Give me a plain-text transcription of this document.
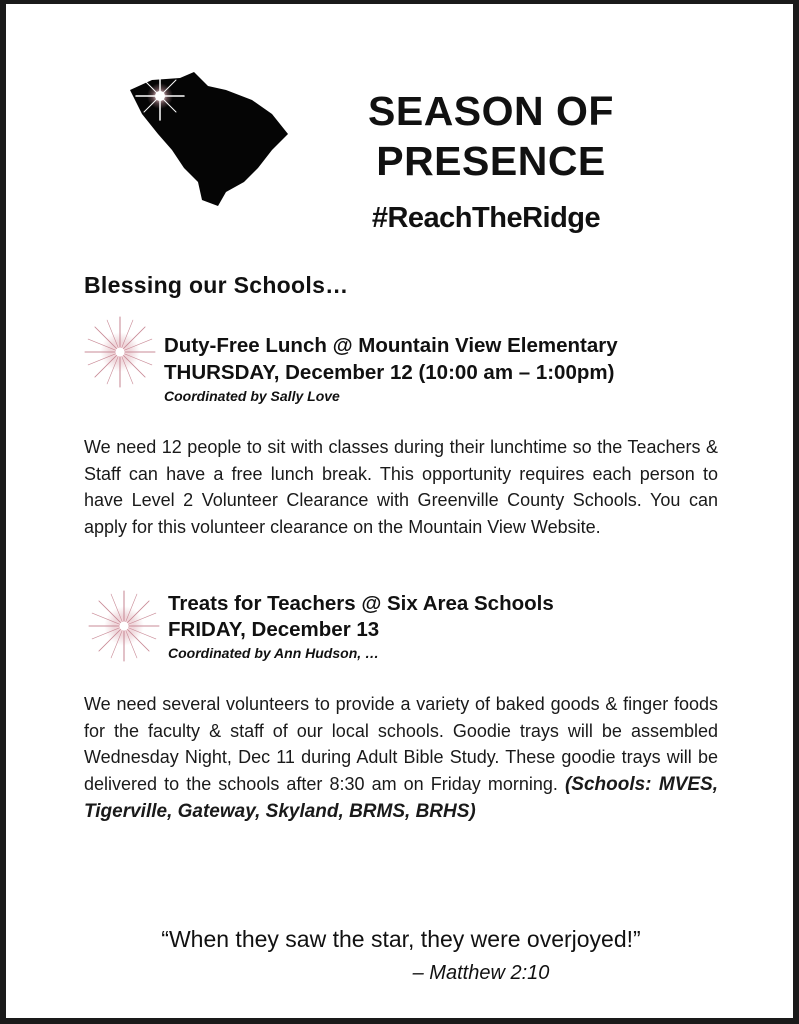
SEASON OF
PRESENCE

#ReachTheRidge

Blessing our Schools…

Duty-Free Lunch @ Mountain View Elementary

THURSDAY, December 12 (10:00 am – 1:00pm)

Coordinated by Sally Love

We need 12 people to sit with classes during their lunchtime so the Teachers & Staff can have a free lunch break. This opportunity requires each person to have Level 2 Volunteer Clearance with Greenville County Schools. You can apply for this volunteer clearance on the Mountain View Website.

Treats for Teachers @ Six Area Schools

FRIDAY, December 13

Coordinated by Ann Hudson, …

We need several volunteers to provide a variety of baked goods & finger foods for the faculty & staff of our local schools. Goodie trays will be assembled Wednesday Night, Dec 11 during Adult Bible Study. These goodie trays will be delivered to the schools after 8:30 am on Friday morning. (Schools: MVES, Tigerville, Gateway, Skyland, BRMS, BRHS)

“When they saw the star, they were overjoyed!”

– Matthew 2:10
